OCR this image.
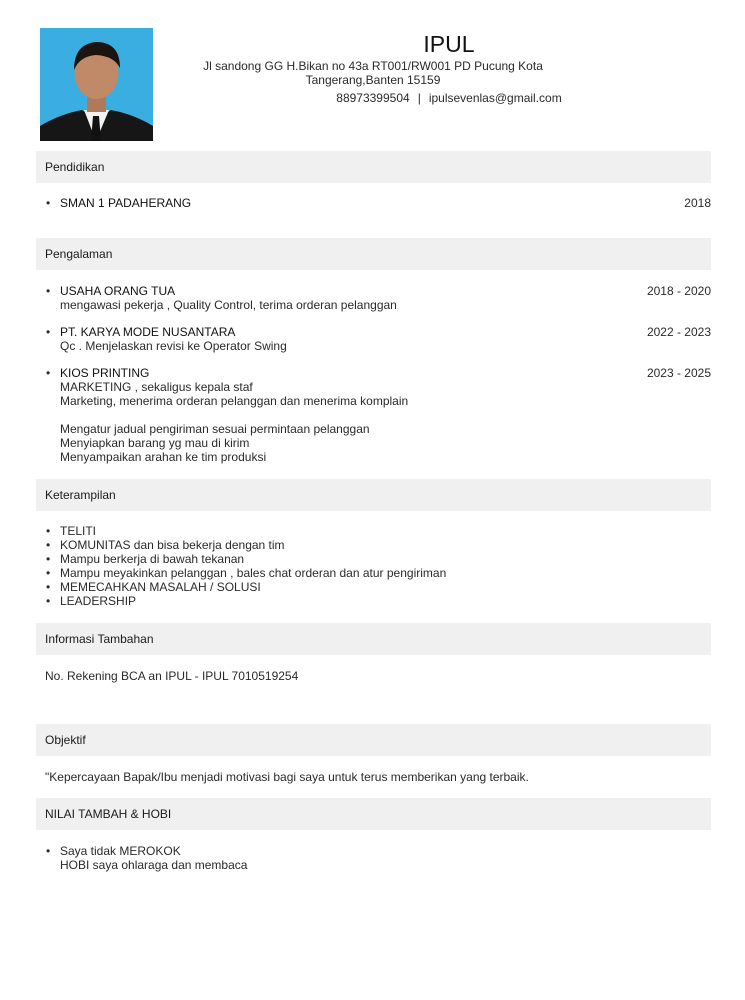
IPUL
Jl sandong GG H.Bikan no 43a RT001/RW001 PD Pucung Kota Tangerang,Banten 15159
88973399504 | ipulsevenlas@gmail.com
Pendidikan
• SMAN 1 PADAHERANG	2018
Pengalaman
• USAHA ORANG TUA	2018 - 2020
mengawasi pekerja , Quality Control, terima orderan pelanggan
• PT. KARYA MODE NUSANTARA	2022 - 2023
Qc . Menjelaskan revisi ke Operator Swing
• KIOS PRINTING	2023 - 2025
MARKETING , sekaligus kepala staf
Marketing, menerima orderan pelanggan dan menerima komplain
Mengatur jadual pengiriman sesuai permintaan pelanggan
Menyiapkan barang yg mau di kirim
Menyampaikan arahan ke tim produksi
Keterampilan
• TELITI
• KOMUNITAS dan bisa bekerja dengan tim
• Mampu berkerja di bawah tekanan
• Mampu meyakinkan pelanggan , bales chat orderan dan atur pengiriman
• MEMECAHKAN MASALAH / SOLUSI
• LEADERSHIP
Informasi Tambahan
No. Rekening BCA an IPUL - IPUL 7010519254
Objektif
"Kepercayaan Bapak/Ibu menjadi motivasi bagi saya untuk terus memberikan yang terbaik.
NILAI TAMBAH & HOBI
• Saya tidak MEROKOK
HOBI saya ohlaraga dan membaca
